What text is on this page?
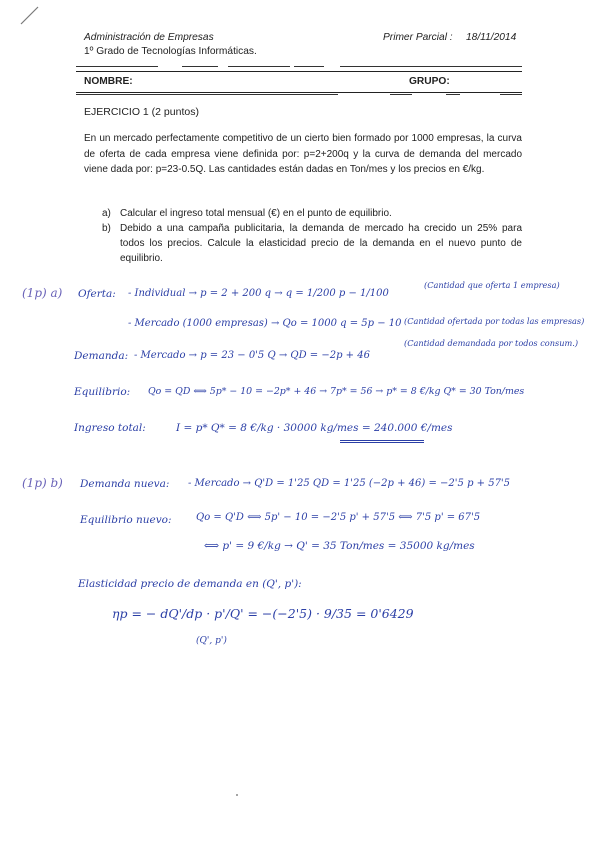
Administración de Empresas	Primer Parcial : 18/11/2014
1º Grado de Tecnologías Informáticas.
NOMBRE:	GRUPO:
EJERCICIO 1 (2 puntos)
En un mercado perfectamente competitivo de un cierto bien formado por 1000 empresas, la curva de oferta de cada empresa viene definida por: p=2+200q y la curva de demanda del mercado viene dada por: p=23-0.5Q. Las cantidades están dadas en Ton/mes y los precios en €/kg.
a) Calcular el ingreso total mensual (€) en el punto de equilibrio.
b) Debido a una campaña publicitaria, la demanda de mercado ha crecido un 25% para todos los precios. Calcule la elasticidad precio de la demanda en el nuevo punto de equilibrio.
(1p) a) Oferta: - Individual → p = 2 + 200 q → q = 1/200 p − 1/100
(Cantidad que oferta 1 empresa)
- Mercado (1000 empresas) → Qo = 1000 q = 5p − 10 (Cantidad ofertada por todas las empresas)
Demanda: - Mercado → p = 23 − 0'5 Q → QD = −2p + 46
(Cantidad demandada por todos consum.)
Equilibrio: Qo = QD ⟺ 5p* − 10 = −2p* + 46 → 7p* = 56 → p* = 8 €/kg Q* = 30 Ton/mes
Ingreso total:	I = p* Q* = 8 €/kg · 30000 kg/mes = 240.000 €/mes
(1p) b) Demanda nueva: - Mercado → Q'D = 1'25 QD = 1'25 (−2p + 46) = −2'5 p + 57'5
Equilibrio nuevo: Qo = Q'D ⟺ 5p' − 10 = −2'5 p' + 57'5 ⟺ 7'5 p' = 67'5
⟺ p' = 9 €/kg → Q' = 35 Ton/mes = 35000 kg/mes
Elasticidad precio de demanda en (Q', p'):
ηp = − dQ'/dp · p'/Q' = −(−2'5) · 9/35 = 0'6429
(Q', p')
